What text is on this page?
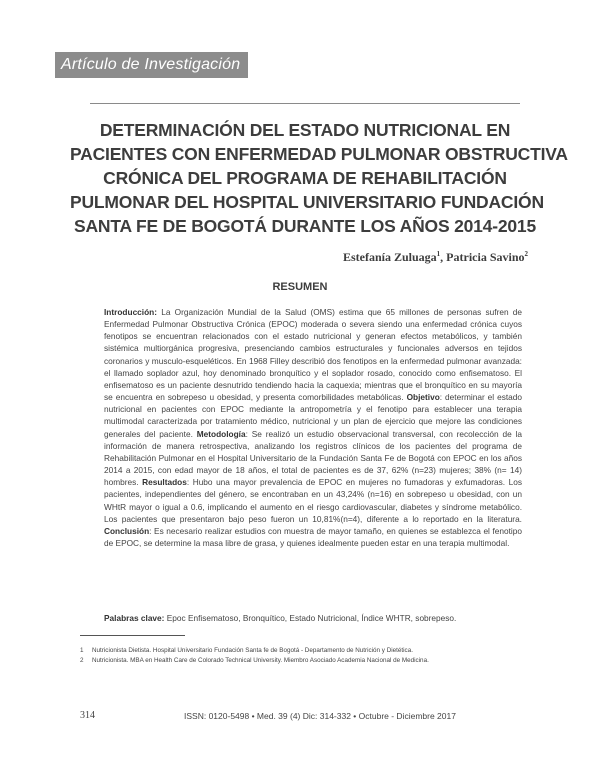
Artículo de Investigación
DETERMINACIÓN DEL ESTADO NUTRICIONAL EN
PACIENTES CON ENFERMEDAD PULMONAR OBSTRUCTIVA
CRÓNICA DEL PROGRAMA DE REHABILITACIÓN
PULMONAR DEL HOSPITAL UNIVERSITARIO FUNDACIÓN
SANTA FE DE BOGOTÁ DURANTE LOS AÑOS 2014-2015
Estefanía Zuluaga$^1$, Patricia Savino$^2$
RESUMEN

Introducción: La Organización Mundial de la Salud (OMS) estima que 65 millones de personas sufren de Enfermedad Pulmonar Obstructiva Crónica (EPOC) moderada o severa siendo una enfermedad crónica cuyos fenotipos se encuentran relacionados con el estado nutricional y generan efectos metabólicos, y también sistémica multiorgánica progresiva, presenciando cambios estructurales y funcionales adversos en tejidos coronarios y musculo-esqueléticos. En 1968 Filley describió dos fenotipos en la enfermedad pulmonar avanzada: el llamado soplador azul, hoy denominado bronquítico y el soplador rosado, conocido como enfisematoso. El enfisematoso es un paciente desnutrido tendiendo hacia la caquexia; mientras que el bronquítico en su mayoría se encuentra en sobrepeso u obesidad, y presenta comorbilidades metabólicas. Objetivo: determinar el estado nutricional en pacientes con EPOC mediante la antropometría y el fenotipo para establecer una terapia multimodal caracterizada por tratamiento médico, nutricional y un plan de ejercicio que mejore las condiciones generales del paciente. Metodología: Se realizó un estudio observacional transversal, con recolección de la información de manera retrospectiva, analizando los registros clínicos de los pacientes del programa de Rehabilitación Pulmonar en el Hospital Universitario de la Fundación Santa Fe de Bogotá con EPOC en los años 2014 a 2015, con edad mayor de 18 años, el total de pacientes es de 37, 62% (n=23) mujeres; 38% (n= 14) hombres. Resultados: Hubo una mayor prevalencia de EPOC en mujeres no fumadoras y exfumadoras. Los pacientes, independientes del género, se encontraban en un 43,24% (n=16) en sobrepeso u obesidad, con un WHtR mayor o igual a 0.6, implicando el aumento en el riesgo cardiovascular, diabetes y síndrome metabólico. Los pacientes que presentaron bajo peso fueron un 10,81%(n=4), diferente a lo reportado en la literatura. Conclusión: Es necesario realizar estudios con muestra de mayor tamaño, en quienes se establezca el fenotipo de EPOC, se determine la masa libre de grasa, y quienes idealmente pueden estar en una terapia multimodal.

Palabras clave: Epoc Enfisematoso, Bronquítico, Estado Nutricional, Índice WHTR, sobrepeso.

1	Nutricionista Dietista. Hospital Universitario Fundación Santa fe de Bogotá - Departamento de Nutrición y Dietética.
2	Nutricionista. MBA en Health Care de Colorado Technical University. Miembro Asociado Academia Nacional de Medicina.
314	ISSN: 0120-5498 • Med. 39 (4) Dic: 314-332 • Octubre - Diciembre 2017
